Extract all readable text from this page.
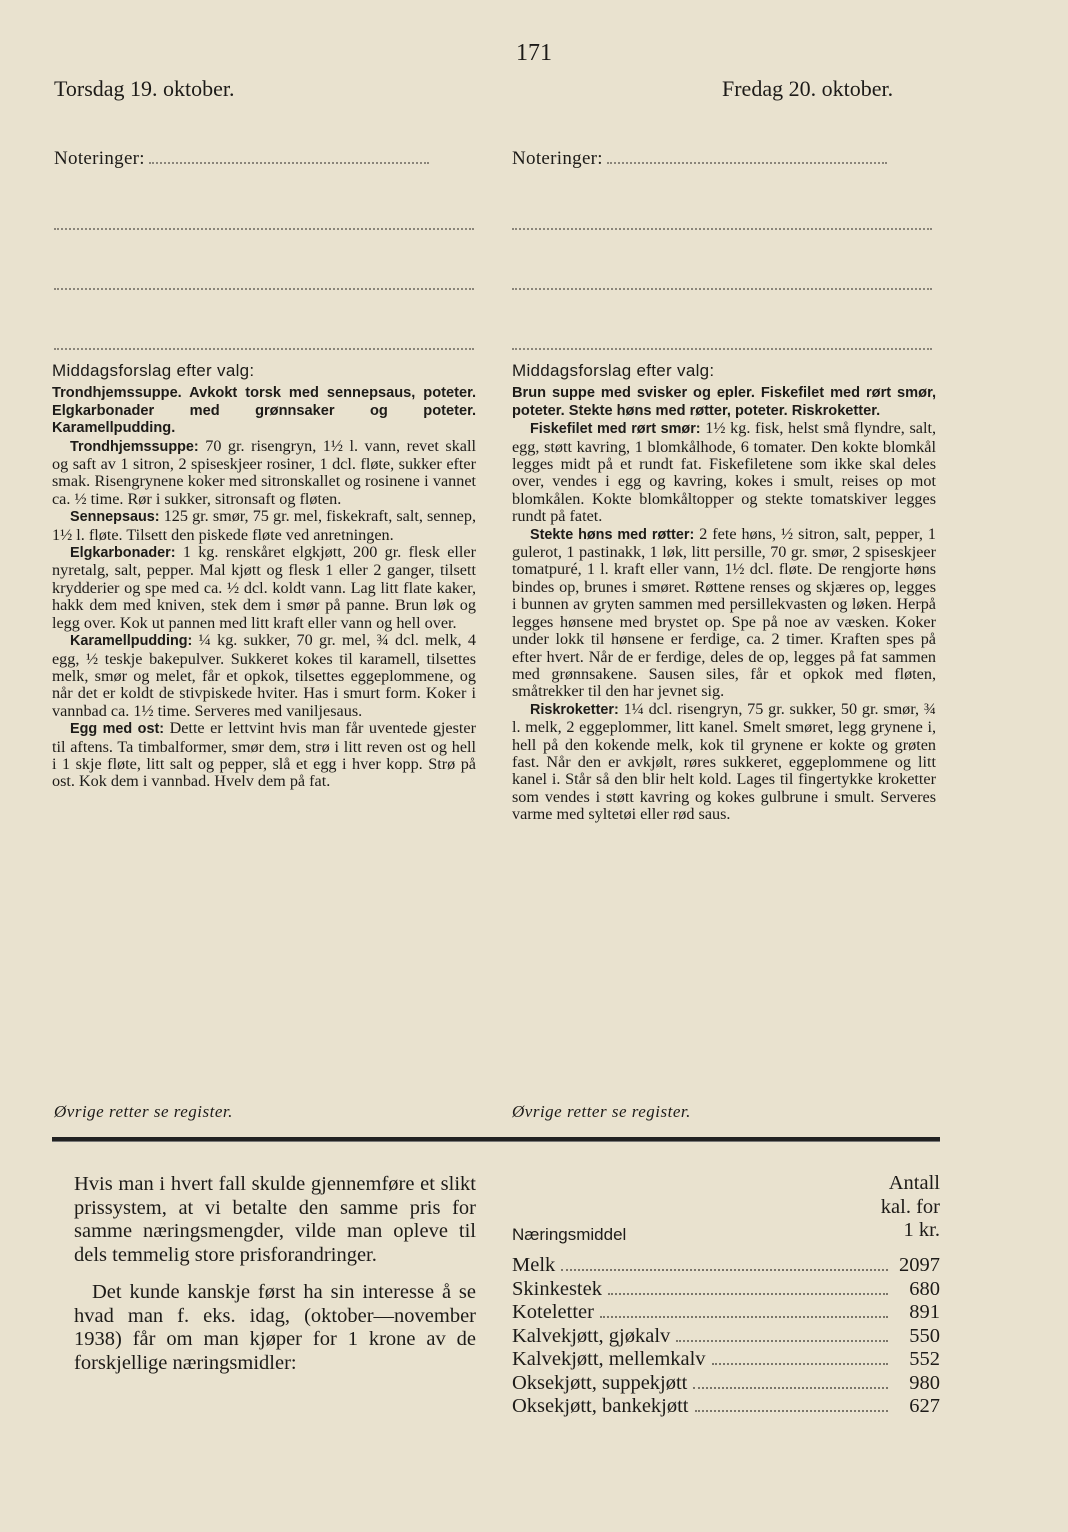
171
Torsdag 19. oktober.	Fredag 20. oktober.
Noteringer:	Noteringer:
Middagsforslag efter valg:
Trondhjemssuppe. Avkokt torsk med sennepsaus, poteter. Elgkarbonader med grønnsaker og poteter. Karamellpudding.

Trondhjemssuppe: 70 gr. risengryn, 1½ l. vann, revet skall og saft av 1 sitron, 2 spiseskjeer rosiner, 1 dcl. fløte, sukker efter smak. Risengrynene koker med sitronskallet og rosinene i vannet ca. ½ time. Rør i sukker, sitronsaft og fløten.

Sennepsaus: 125 gr. smør, 75 gr. mel, fiskekraft, salt, sennep, 1½ l. fløte. Tilsett den piskede fløte ved anretningen.

Elgkarbonader: 1 kg. renskåret elgkjøtt, 200 gr. flesk eller nyretalg, salt, pepper. Mal kjøtt og flesk 1 eller 2 ganger, tilsett krydderier og spe med ca. ½ dcl. koldt vann. Lag litt flate kaker, hakk dem med kniven, stek dem i smør på panne. Brun løk og legg over. Kok ut pannen med litt kraft eller vann og hell over.

Karamellpudding: ¼ kg. sukker, 70 gr. mel, ¾ dcl. melk, 4 egg, ½ teskje bakepulver. Sukkeret kokes til karamell, tilsettes melk, smør og melet, får et opkok, tilsettes eggeplommene, og når det er koldt de stivpiskede hviter. Has i smurt form. Koker i vannbad ca. 1½ time. Serveres med vaniljesaus.

Egg med ost: Dette er lettvint hvis man får uventede gjester til aftens. Ta timbalformer, smør dem, strø i litt reven ost og hell i 1 skje fløte, litt salt og pepper, slå et egg i hver kopp. Strø på ost. Kok dem i vannbad. Hvelv dem på fat.

Middagsforslag efter valg:
Brun suppe med svisker og epler. Fiskefilet med rørt smør, poteter. Stekte høns med røtter, poteter. Riskroketter.

Fiskefilet med rørt smør: 1½ kg. fisk, helst små flyndre, salt, egg, støtt kavring, 1 blomkålhode, 6 tomater. Den kokte blomkål legges midt på et rundt fat. Fiskefiletene som ikke skal deles over, vendes i egg og kavring, kokes i smult, reises op mot blomkålen. Kokte blomkåltopper og stekte tomatskiver legges rundt på fatet.

Stekte høns med røtter: 2 fete høns, ½ sitron, salt, pepper, 1 gulerot, 1 pastinakk, 1 løk, litt persille, 70 gr. smør, 2 spiseskjeer tomatpuré, 1 l. kraft eller vann, 1½ dcl. fløte. De rengjorte høns bindes op, brunes i smøret. Røttene renses og skjæres op, legges i bunnen av gryten sammen med persillekvasten og løken. Herpå legges hønsene med brystet op. Spe på noe av væsken. Koker under lokk til hønsene er ferdige, ca. 2 timer. Kraften spes på efter hvert. Når de er ferdige, deles de op, legges på fat sammen med grønnsakene. Sausen siles, får et opkok med fløten, småtrekker til den har jevnet sig.

Riskroketter: 1¼ dcl. risengryn, 75 gr. sukker, 50 gr. smør, ¾ l. melk, 2 eggeplommer, litt kanel. Smelt smøret, legg grynene i, hell på den kokende melk, kok til grynene er kokte og grøten fast. Når den er avkjølt, røres sukkeret, eggeplommene og litt kanel i. Står så den blir helt kold. Lages til fingertykke kroketter som vendes i støtt kavring og kokes gulbrune i smult. Serveres varme med syltetøi eller rød saus.

Øvrige retter se register.	Øvrige retter se register.

Hvis man i hvert fall skulde gjennemføre et slikt prissystem, at vi betalte den samme pris for samme næringsmengder, vilde man opleve til dels temmelig store prisforandringer.

Det kunde kanskje først ha sin interesse å se hvad man f. eks. idag, (oktober—november 1938) får om man kjøper for 1 krone av de forskjellige næringsmidler:

Næringsmiddel
Antall
kal. for
1 kr.
Melk	2097
Skinkestek	680
Koteletter	891
Kalvekjøtt, gjøkalv	550
Kalvekjøtt, mellemkalv	552
Oksekjøtt, suppekjøtt	980
Oksekjøtt, bankekjøtt	627
